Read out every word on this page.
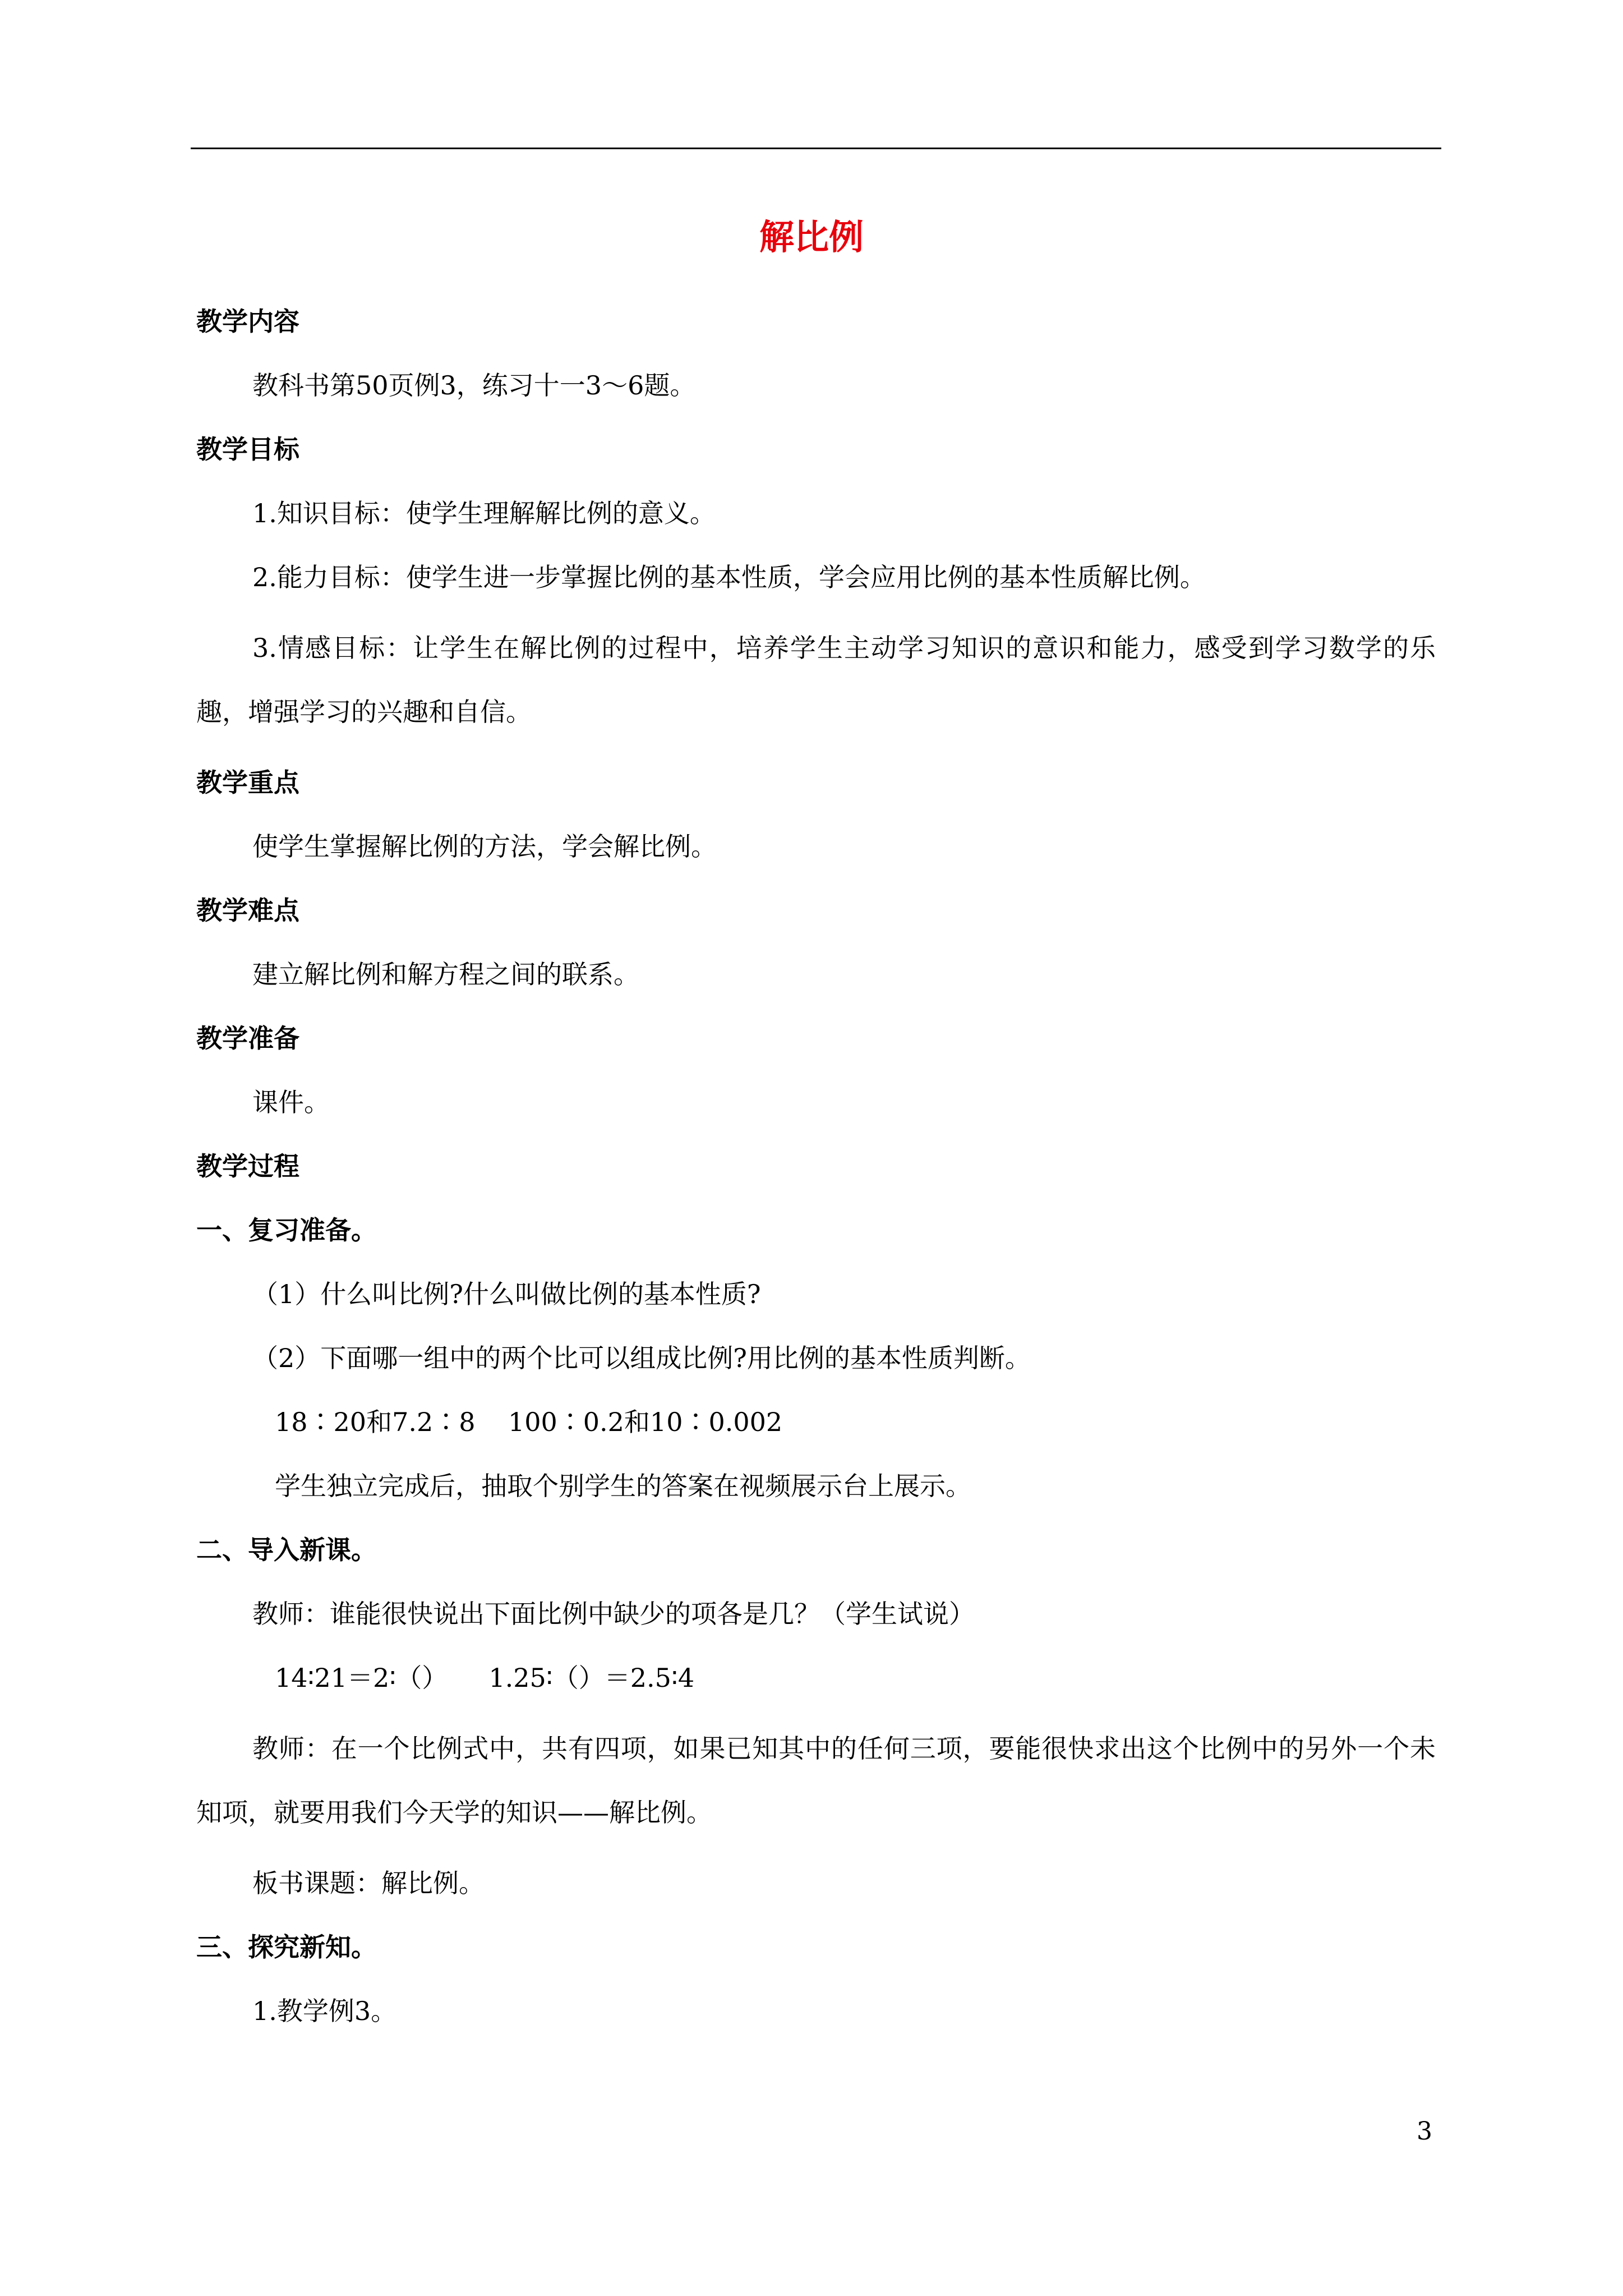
解比例

教学内容

教科书第50页例3，练习十一3～6题。

教学目标

1.知识目标：使学生理解解比例的意义。

2.能力目标：使学生进一步掌握比例的基本性质，学会应用比例的基本性质解比例。

3.情感目标：让学生在解比例的过程中，培养学生主动学习知识的意识和能力，感受到学习数学的乐趣，增强学习的兴趣和自信。

教学重点

使学生掌握解比例的方法，学会解比例。

教学难点

建立解比例和解方程之间的联系。

教学准备

课件。

教学过程

一、复习准备。

（1）什么叫比例?什么叫做比例的基本性质?

（2）下面哪一组中的两个比可以组成比例?用比例的基本性质判断。

18∶20和7.2∶8    100∶0.2和10∶0.002

学生独立完成后，抽取个别学生的答案在视频展示台上展示。

二、导入新课。

教师：谁能很快说出下面比例中缺少的项各是几？（学生试说）

14∶21＝2∶（）     1.25∶（）＝2.5∶4

教师：在一个比例式中，共有四项，如果已知其中的任何三项，要能很快求出这个比例中的另外一个未知项，就要用我们今天学的知识——解比例。

板书课题：解比例。

三、探究新知。

1.教学例3。

3
